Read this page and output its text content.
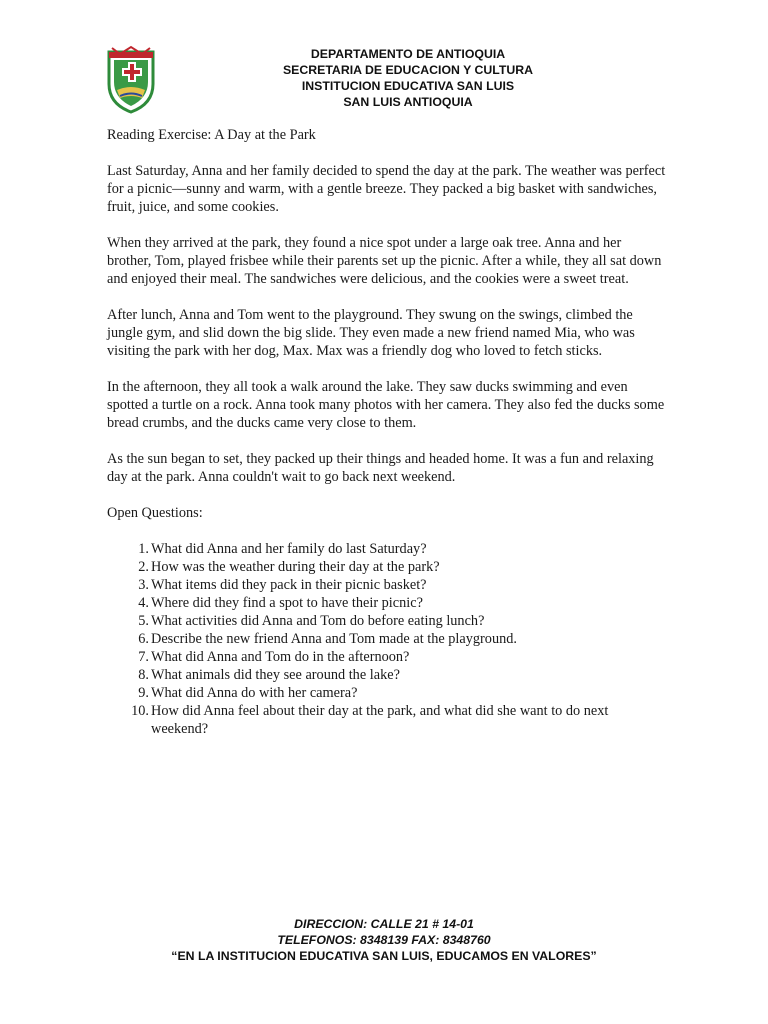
DEPARTAMENTO DE ANTIOQUIA
SECRETARIA DE EDUCACION Y CULTURA
INSTITUCION EDUCATIVA SAN LUIS
SAN LUIS ANTIOQUIA
Reading Exercise: A Day at the Park
Last Saturday, Anna and her family decided to spend the day at the park. The weather was perfect for a picnic—sunny and warm, with a gentle breeze. They packed a big basket with sandwiches, fruit, juice, and some cookies.
When they arrived at the park, they found a nice spot under a large oak tree. Anna and her brother, Tom, played frisbee while their parents set up the picnic. After a while, they all sat down and enjoyed their meal. The sandwiches were delicious, and the cookies were a sweet treat.
After lunch, Anna and Tom went to the playground. They swung on the swings, climbed the jungle gym, and slid down the big slide. They even made a new friend named Mia, who was visiting the park with her dog, Max. Max was a friendly dog who loved to fetch sticks.
In the afternoon, they all took a walk around the lake. They saw ducks swimming and even spotted a turtle on a rock. Anna took many photos with her camera. They also fed the ducks some bread crumbs, and the ducks came very close to them.
As the sun began to set, they packed up their things and headed home. It was a fun and relaxing day at the park. Anna couldn't wait to go back next weekend.
Open Questions:
1. What did Anna and her family do last Saturday?
2. How was the weather during their day at the park?
3. What items did they pack in their picnic basket?
4. Where did they find a spot to have their picnic?
5. What activities did Anna and Tom do before eating lunch?
6. Describe the new friend Anna and Tom made at the playground.
7. What did Anna and Tom do in the afternoon?
8. What animals did they see around the lake?
9. What did Anna do with her camera?
10. How did Anna feel about their day at the park, and what did she want to do next weekend?
DIRECCION: CALLE 21 # 14-01
TELEFONOS: 8348139 FAX: 8348760
“EN LA INSTITUCION EDUCATIVA SAN LUIS, EDUCAMOS EN VALORES”
